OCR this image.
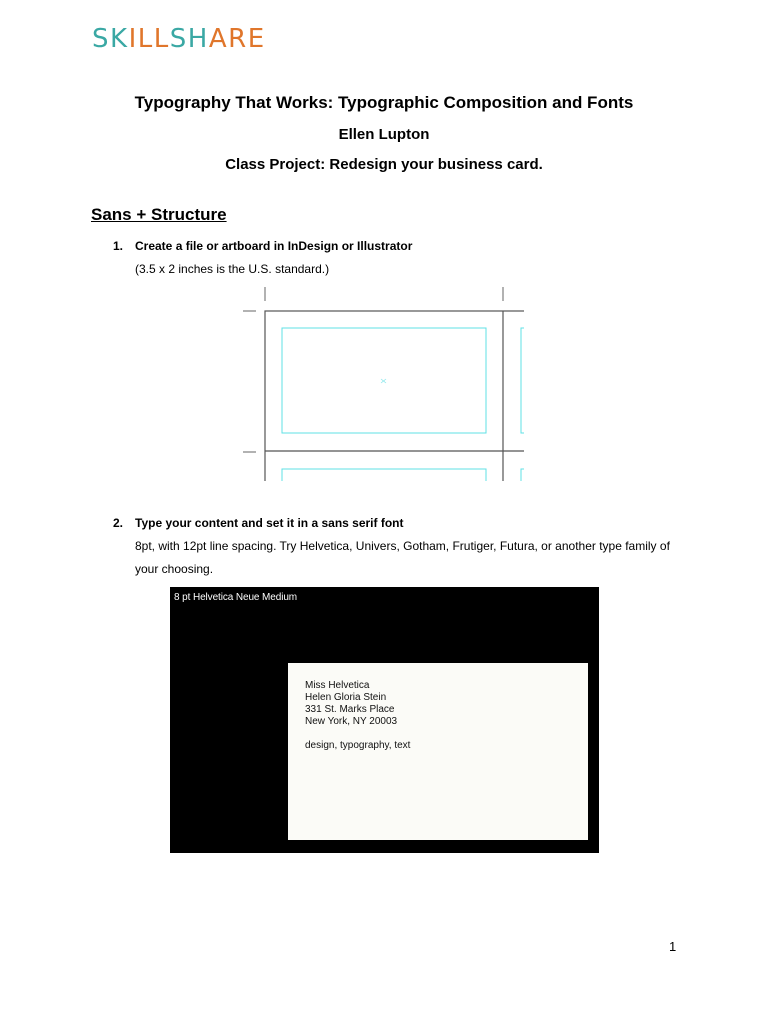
S K I L L S H A R E
Typography That Works: Typographic Composition and Fonts
Ellen Lupton
Class Project: Redesign your business card.
Sans + Structure
1. Create a file or artboard in InDesign or Illustrator
(3.5 x 2 inches is the U.S. standard.)
2. Type your content and set it in a sans serif font
8pt, with 12pt line spacing. Try Helvetica, Univers, Gotham, Frutiger, Futura, or another type family of your choosing.
8 pt Helvetica Neue Medium
Miss Helvetica
Helen Gloria Stein
331 St. Marks Place
New York, NY 20003
design, typography, text
1
